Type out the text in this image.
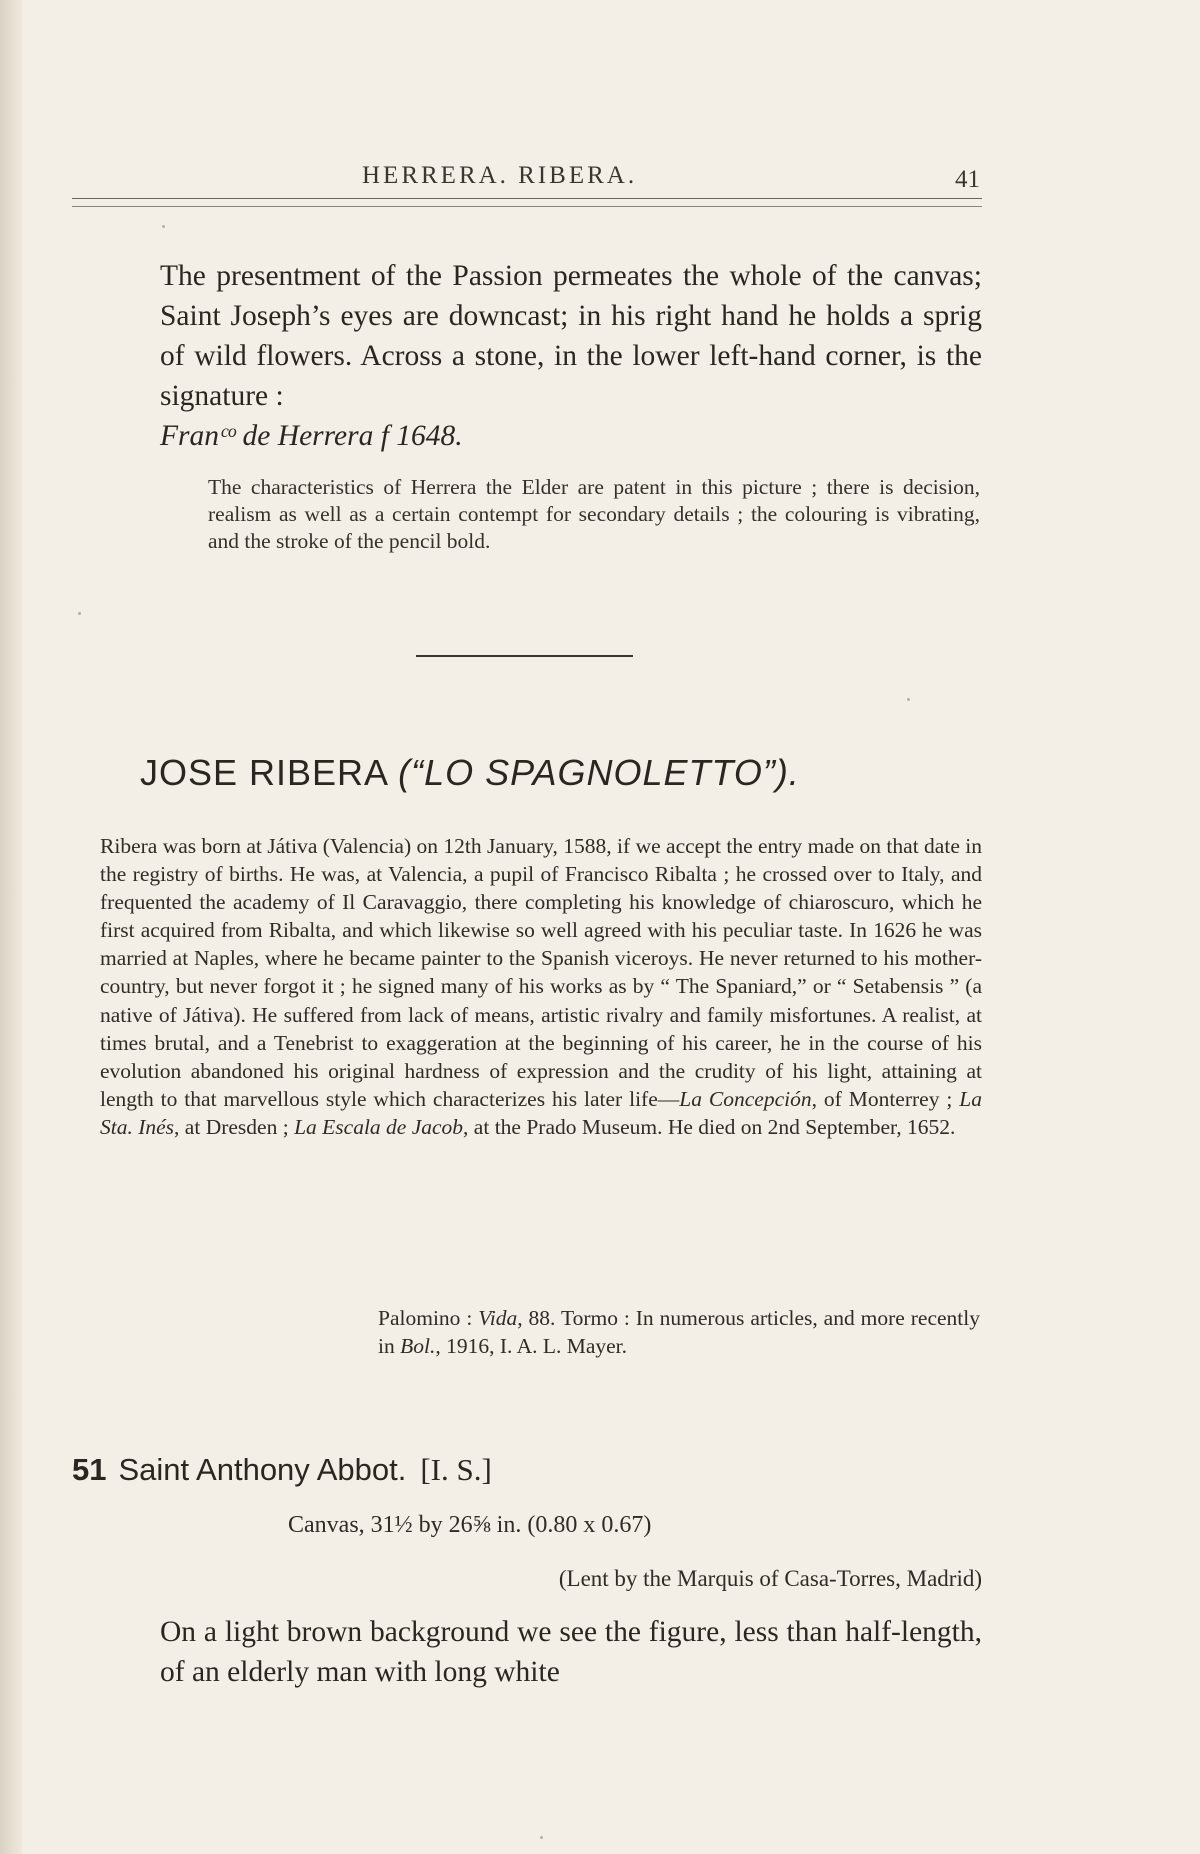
HERRERA. RIBERA.	41

The presentment of the Passion permeates the whole of the canvas; Saint Joseph’s eyes are downcast; in his right hand he holds a sprig of wild flowers. Across a stone, in the lower left-hand corner, is the signature :
Franᶜᵒ de Herrera f 1648.

The characteristics of Herrera the Elder are patent in this picture ; there is decision, realism as well as a certain contempt for secondary details ; the colouring is vibrating, and the stroke of the pencil bold.

JOSE RIBERA (“LO SPAGNOLETTO”).

Ribera was born at Játiva (Valencia) on 12th January, 1588, if we accept the entry made on that date in the registry of births. He was, at Valencia, a pupil of Francisco Ribalta ; he crossed over to Italy, and frequented the academy of Il Caravaggio, there completing his knowledge of chiaroscuro, which he first acquired from Ribalta, and which likewise so well agreed with his peculiar taste. In 1626 he was married at Naples, where he became painter to the Spanish viceroys. He never returned to his mother-country, but never forgot it ; he signed many of his works as by “ The Spaniard,” or “ Setabensis ” (a native of Játiva). He suffered from lack of means, artistic rivalry and family misfortunes. A realist, at times brutal, and a Tenebrist to exaggeration at the beginning of his career, he in the course of his evolution abandoned his original hardness of expression and the crudity of his light, attaining at length to that marvellous style which characterizes his later life—La Concepción, of Monterrey ; La Sta. Inés, at Dresden ; La Escala de Jacob, at the Prado Museum. He died on 2nd September, 1652.

Palomino : Vida, 88. Tormo : In numerous articles, and more recently in Bol., 1916, I. A. L. Mayer.

51 Saint Anthony Abbot. [I. S.]
Canvas, 31½ by 26⅝ in. (0.80 x 0.67)
(Lent by the Marquis of Casa-Torres, Madrid)

On a light brown background we see the figure, less than half-length, of an elderly man with long white
